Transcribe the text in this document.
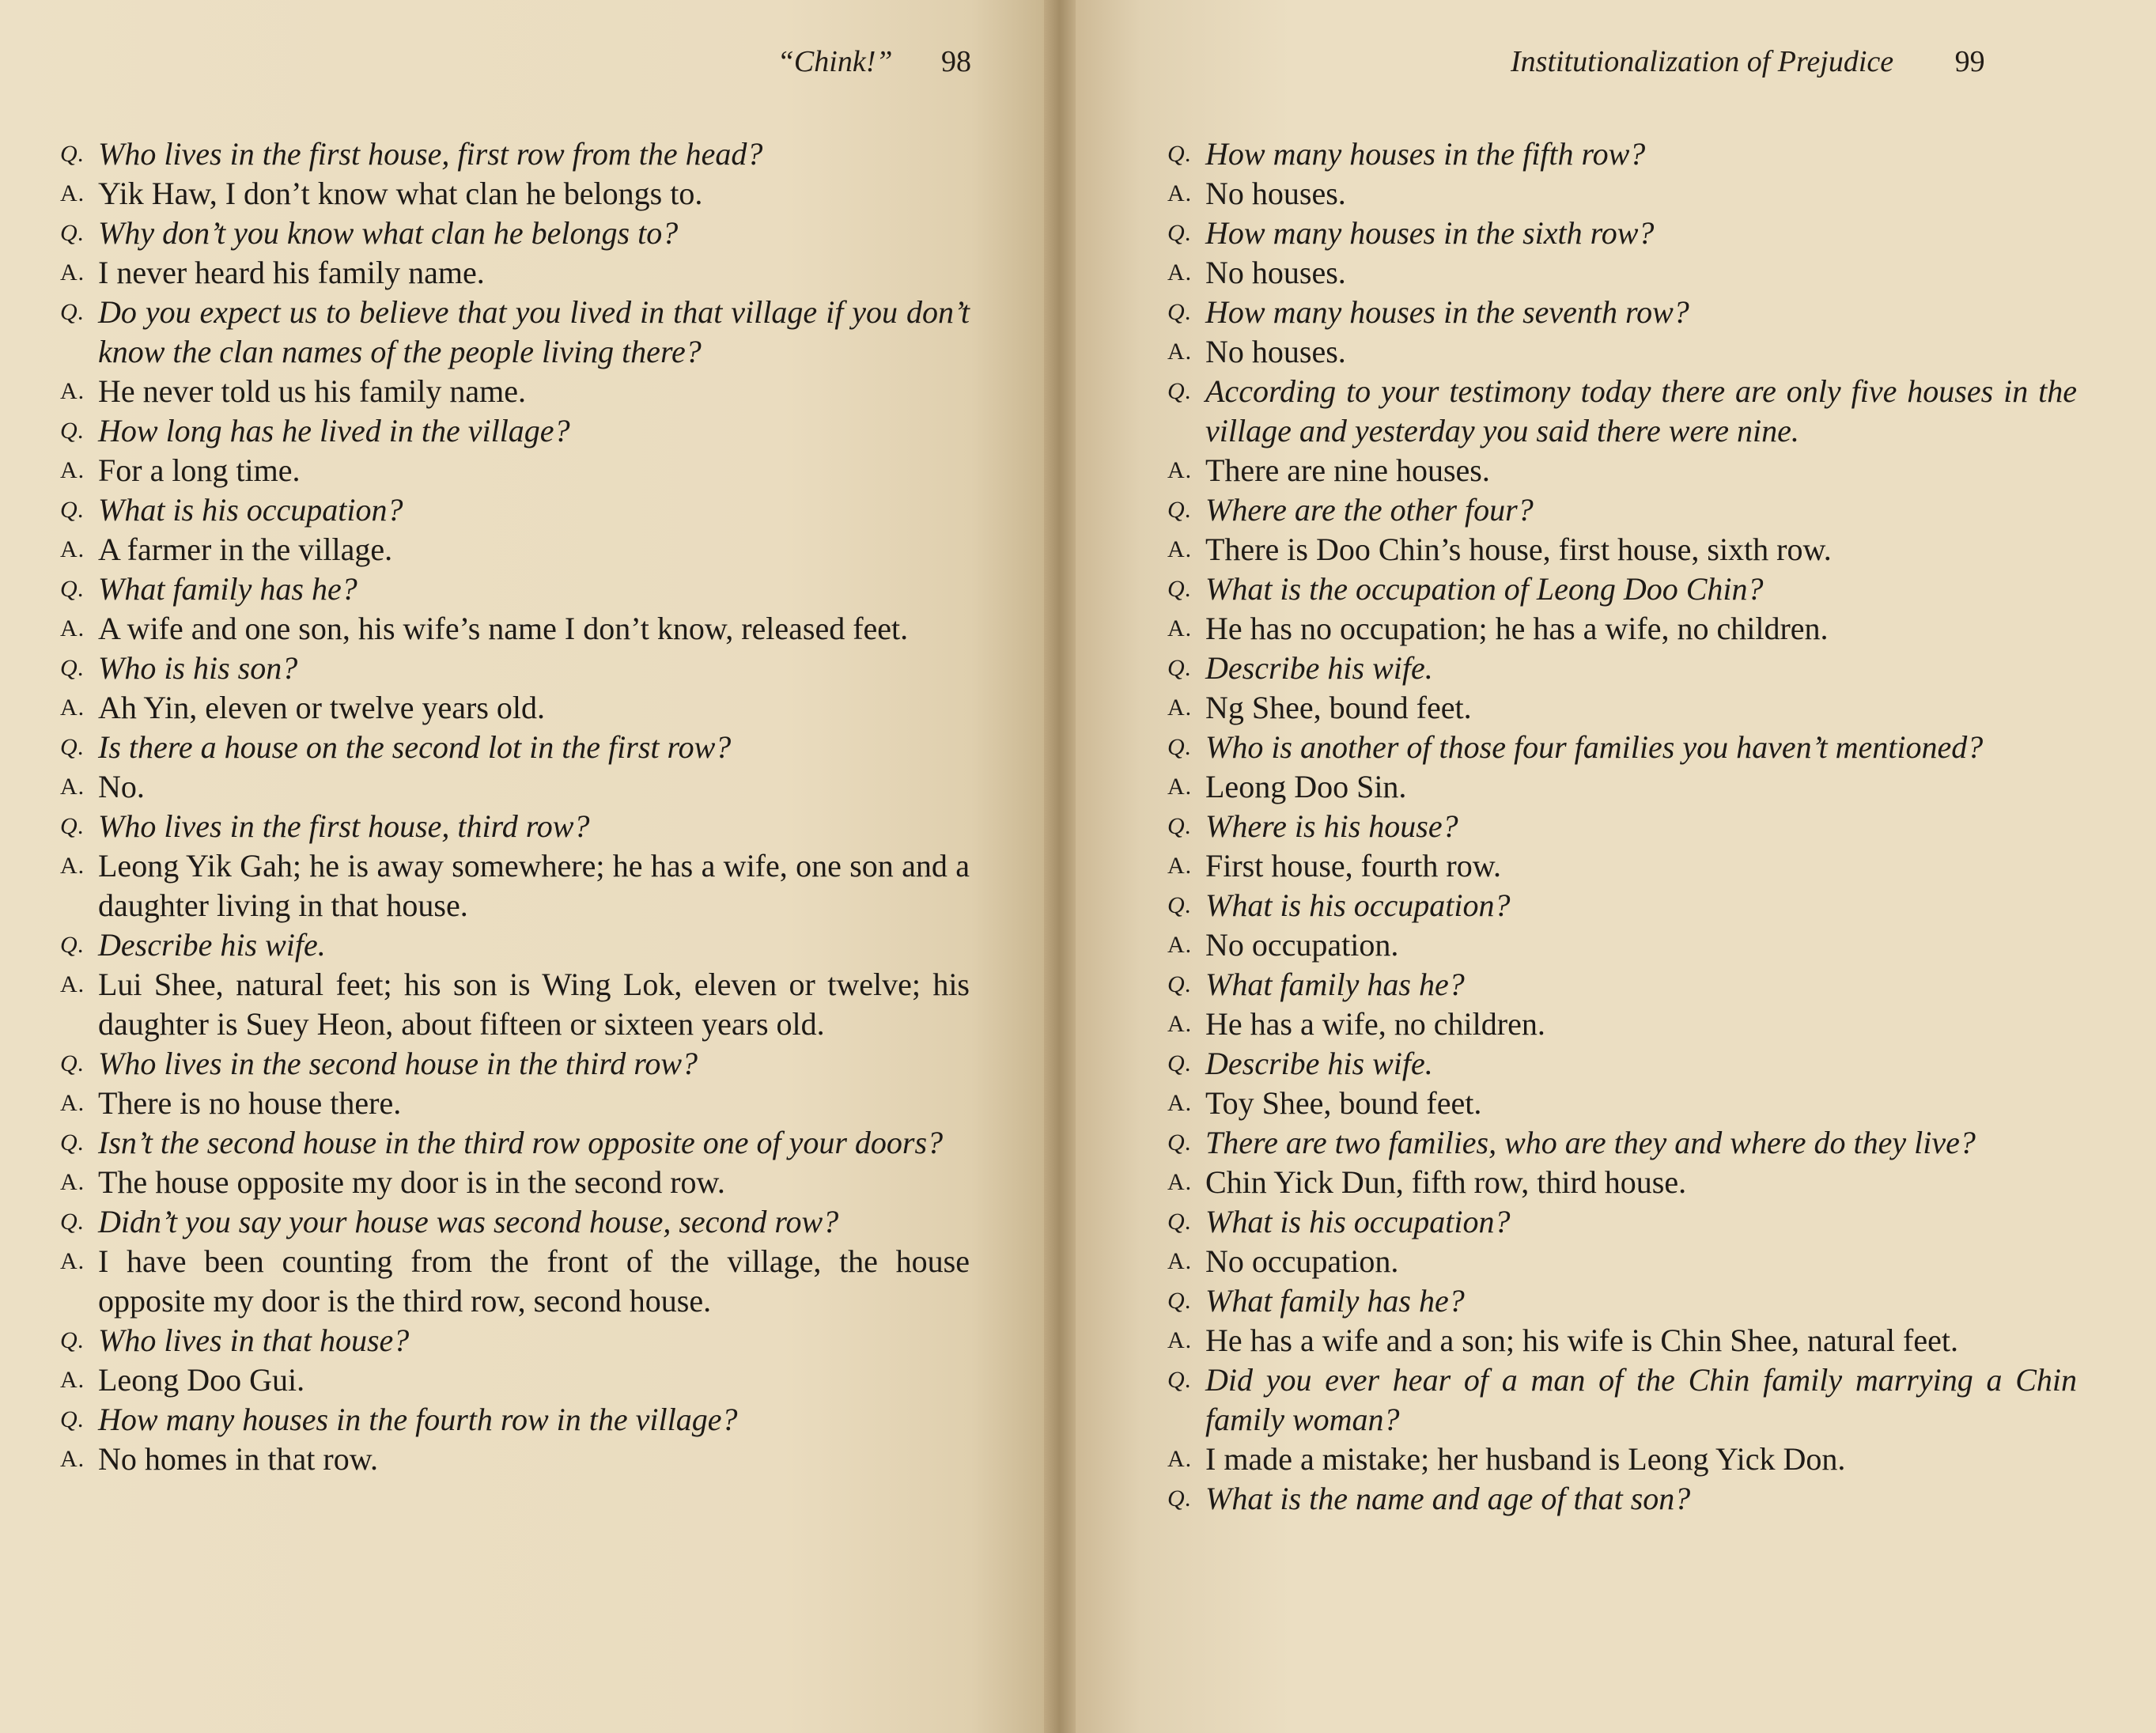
“Chink!” 98
Q. Who lives in the first house, first row from the head?
A. Yik Haw, I don’t know what clan he belongs to.
Q. Why don’t you know what clan he belongs to?
A. I never heard his family name.
Q. Do you expect us to believe that you lived in that village if you don’t know the clan names of the people living there?
A. He never told us his family name.
Q. How long has he lived in the village?
A. For a long time.
Q. What is his occupation?
A. A farmer in the village.
Q. What family has he?
A. A wife and one son, his wife’s name I don’t know, released feet.
Q. Who is his son?
A. Ah Yin, eleven or twelve years old.
Q. Is there a house on the second lot in the first row?
A. No.
Q. Who lives in the first house, third row?
A. Leong Yik Gah; he is away somewhere; he has a wife, one son and a daughter living in that house.
Q. Describe his wife.
A. Lui Shee, natural feet; his son is Wing Lok, eleven or twelve; his daughter is Suey Heon, about fifteen or sixteen years old.
Q. Who lives in the second house in the third row?
A. There is no house there.
Q. Isn’t the second house in the third row opposite one of your doors?
A. The house opposite my door is in the second row.
Q. Didn’t you say your house was second house, second row?
A. I have been counting from the front of the village, the house opposite my door is the third row, second house.
Q. Who lives in that house?
A. Leong Doo Gui.
Q. How many houses in the fourth row in the village?
A. No homes in that row.
Institutionalization of Prejudice 99
Q. How many houses in the fifth row?
A. No houses.
Q. How many houses in the sixth row?
A. No houses.
Q. How many houses in the seventh row?
A. No houses.
Q. According to your testimony today there are only five houses in the village and yesterday you said there were nine.
A. There are nine houses.
Q. Where are the other four?
A. There is Doo Chin’s house, first house, sixth row.
Q. What is the occupation of Leong Doo Chin?
A. He has no occupation; he has a wife, no children.
Q. Describe his wife.
A. Ng Shee, bound feet.
Q. Who is another of those four families you haven’t mentioned?
A. Leong Doo Sin.
Q. Where is his house?
A. First house, fourth row.
Q. What is his occupation?
A. No occupation.
Q. What family has he?
A. He has a wife, no children.
Q. Describe his wife.
A. Toy Shee, bound feet.
Q. There are two families, who are they and where do they live?
A. Chin Yick Dun, fifth row, third house.
Q. What is his occupation?
A. No occupation.
Q. What family has he?
A. He has a wife and a son; his wife is Chin Shee, natural feet.
Q. Did you ever hear of a man of the Chin family marrying a Chin family woman?
A. I made a mistake; her husband is Leong Yick Don.
Q. What is the name and age of that son?
